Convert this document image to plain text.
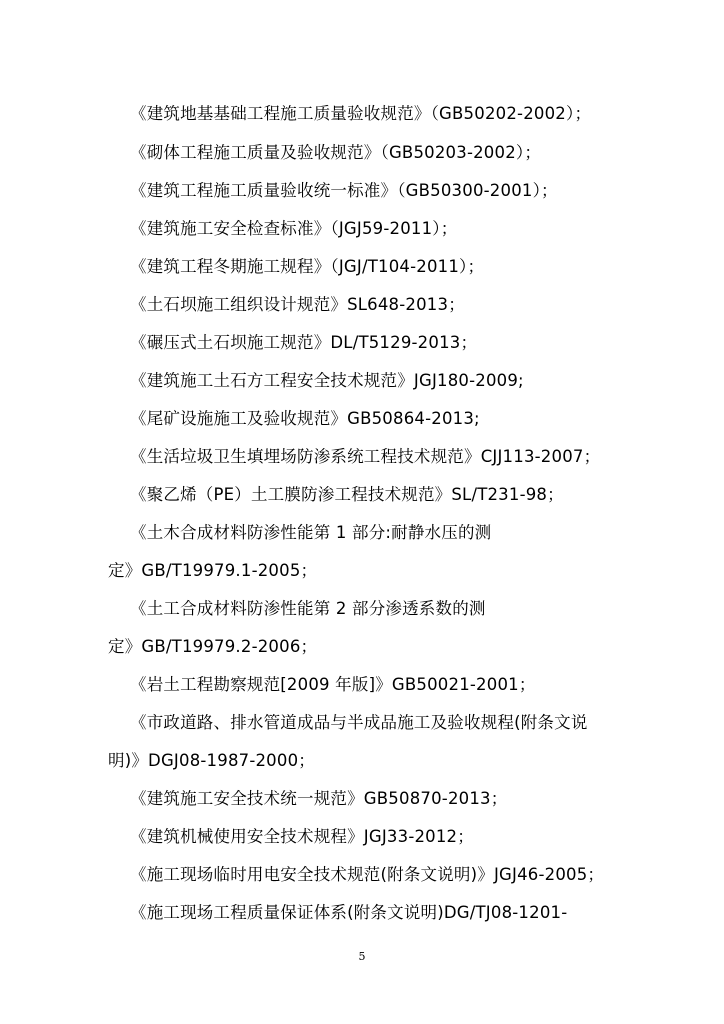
《建筑地基基础工程施工质量验收规范》（GB50202-2002）；
《砌体工程施工质量及验收规范》（GB50203-2002）；
《建筑工程施工质量验收统一标准》（GB50300-2001）；
《建筑施工安全检查标准》（JGJ59-2011）；
《建筑工程冬期施工规程》（JGJ/T104-2011）；
《土石坝施工组织设计规范》SL648-2013；
《碾压式土石坝施工规范》DL/T5129-2013；
《建筑施工土石方工程安全技术规范》JGJ180-2009;
《尾矿设施施工及验收规范》GB50864-2013;
《生活垃圾卫生填埋场防渗系统工程技术规范》CJJ113-2007；
《聚乙烯（PE）土工膜防渗工程技术规范》SL/T231-98；
《土木合成材料防渗性能第 1 部分:耐静水压的测
定》GB/T19979.1-2005；
《土工合成材料防渗性能第 2 部分渗透系数的测
定》GB/T19979.2-2006；
《岩土工程勘察规范[2009 年版]》GB50021-2001；
《市政道路、排水管道成品与半成品施工及验收规程(附条文说
明)》DGJ08-1987-2000；
《建筑施工安全技术统一规范》GB50870-2013；
《建筑机械使用安全技术规程》JGJ33-2012；
《施工现场临时用电安全技术规范(附条文说明)》JGJ46-2005；
《施工现场工程质量保证体系(附条文说明)DG/TJ08-1201-
5
